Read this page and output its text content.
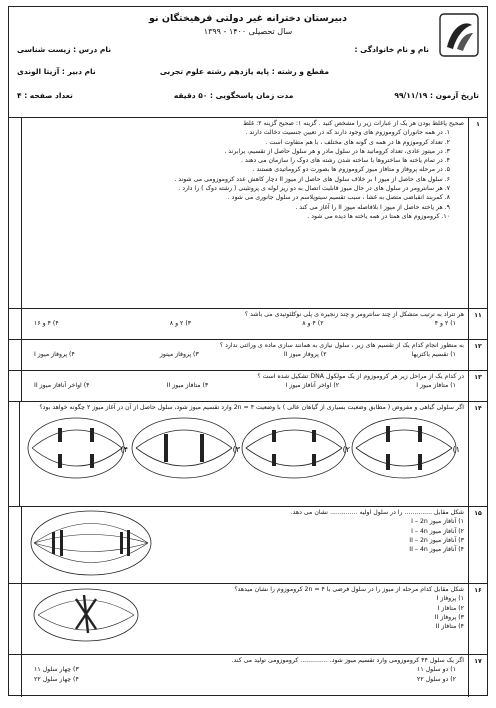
دبیرستان دخترانه غیر دولتی فرهیختگان نو
سال تحصیلی ۱۴۰۰ - ۱۳۹۹
نام و نام خانوادگی :
نام درس : زیست شناسی
مقطع و رشته : پایه یازدهم رشته علوم تجربی
نام دبیر : آزیتا الوندی
تاریخ آزمون : ۹۹/۱۱/۱۹
مدت زمان پاسخگویی : ۵۰ دقیقه
تعداد صفحه : ۴
۱
صحیح یاغلط بودن هر یک از عبارات زیر را مشخص کنید . گزینه ۱: صحیح گزینه ۲: غلط
۱. در همه جانوران کروموزوم های وجود دارند که در تعیین جنسیت دخالت دارند .
۲. تعداد کروموزوم ها در همه ی گونه های مختلف ، با هم متفاوت است .
۳. در میتوز عادی، تعداد کروماتید ها در سلول مادر و هر سلول حاصل از تقسیم، برابرند .
۴. در تمام یاخته ها ساختروها با ساخته شدن رشته های دوک را سازمان می دهند .
۵. در مرحله پروفاز و متافاز میوز کروموزوم ها بصورت دو کروماتیدی هستند .
۶. سلول های حاصل از میوز I بر خلاف سلول های حاصل از میوز II دچار کاهش عدد کروموزومی می شوند .
۷. هر سانترومر در سلول های در حال میوز قابلیت اتصال به دو ریز لوله ی پروتئینی ( رشته دوک ) را دارد .
۸. کمربند انقباضی متصل به غشا ، سبب تقسیم سیتوپلاسم در سلول جانوری می شود .
۹. هر یاخته حاصل از میوز I بلافاصله میوز II را آغاز می کند .
۱۰. کروموزوم های همتا در همه یاخته ها دیده می شود .
۱۱
هر تتراد به ترتیب متشکل از چند سانترومر و چند زنجیره ی پلی نوکلئوتیدی می باشد ؟
۱) ۲ و ۴
۲) ۴ و ۸
۳) ۲ و ۸
۴) ۴ و ۱۶
۱۲
به منظور انجام کدام یک از تقسیم های زیر ، سلول نیازی به همانند سازی ماده ی وراثتی ندارد ؟
۱) تقسیم باکتریها
۲) پروفاز میوز II
۳) پروفاز میتوز
۴) پروفاز میوز I
۱۳
در کدام یک از مراحل زیر هر کروموزوم از یک مولکول DNA تشکیل شده است ؟
۱) متافاز میوز I
۲) اواخر آنافاز میوز I
۳) متافاز میوز II
۴) اواخر آنافاز میوز II
۱۴
اگر سلولی گیاهی و مفروض ( مطابق وضعیت بسیاری از گیاهان عالی ) با وضعیت ۴ = 2n وارد تقسیم میوز شود، سلول حاصل از آن در آغاز میوز ۲ چگونه خواهد بود؟
۱)
۲)
۳)
۴)
۱۵
شکل مقابل .............. را در سلول اولیه .............. نشان می دهد.
۱) آنافاز میوز I – 2n
۲) آنافاز میوز I – 4n
۳) آنافاز میوز II – 2n
۴) آنافاز میوز II – 4n
۱۶
شکل مقابل کدام مرحله از میوز را در سلول فرضی با 2n = ۴ کروموزوم را نشان میدهد؟
۱) پروفاز I
۲) متافاز I
۳) پروفاز II
۴) متافاز II
۱۷
اگر یک سلول ۴۴ کروموزومی وارد تقسیم میوز شود. .............. کروموزومی تولید می کند.
۱) دو سلول ۱۱
۳) چهار سلول ۱۱
۲) دو سلول ۲۲
۴) چهار سلول ۲۲
